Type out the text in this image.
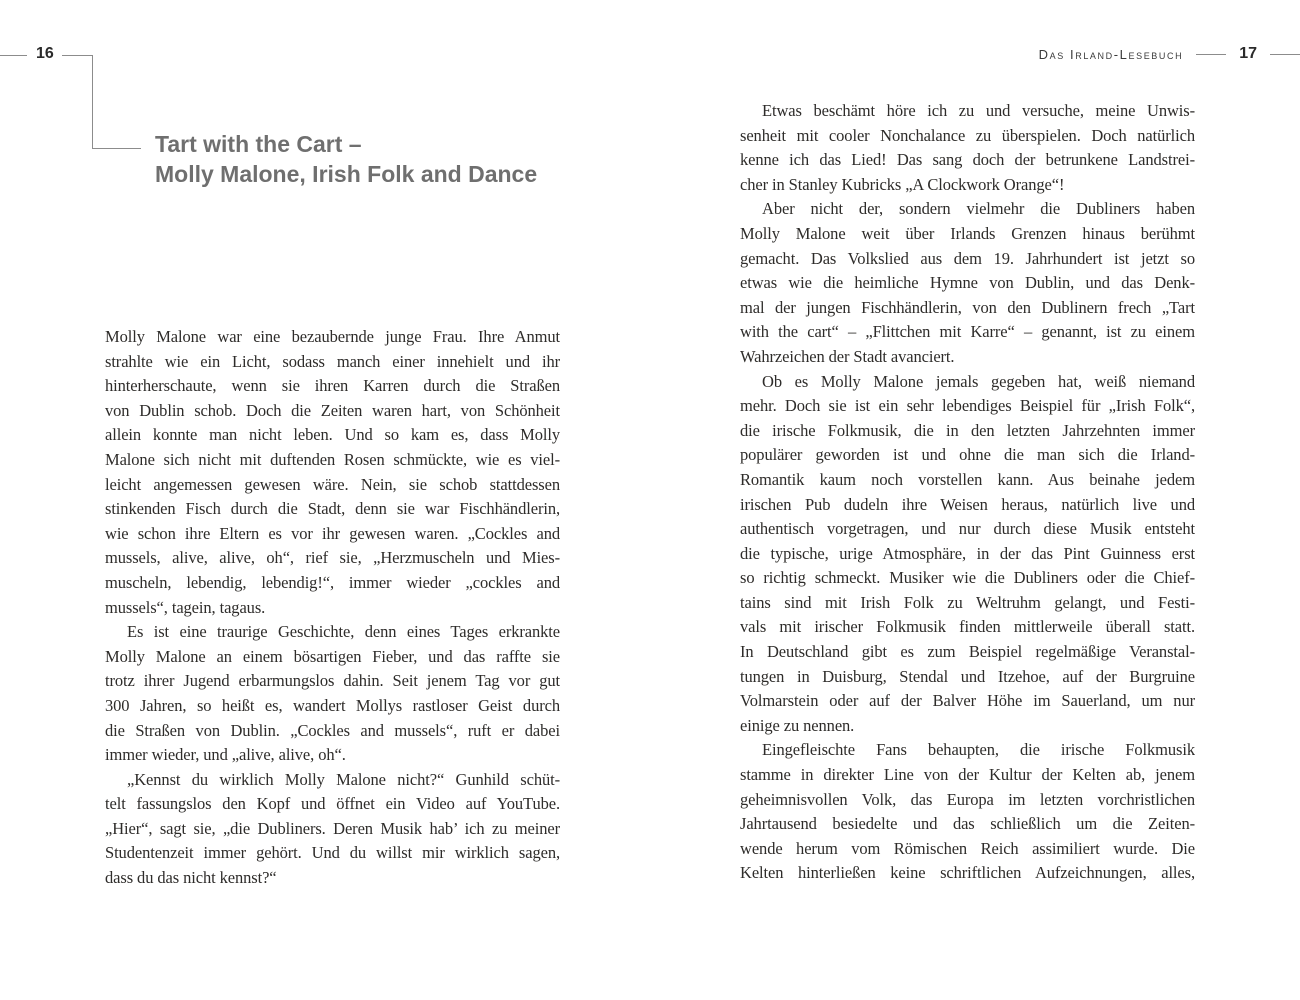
16
Tart with the Cart –
Molly Malone, Irish Folk and Dance
Das Irland-Lesebuch	17
Molly Malone war eine bezaubernde junge Frau. Ihre Anmut
strahlte wie ein Licht, sodass manch einer innehielt und ihr
hinterherschaute, wenn sie ihren Karren durch die Straßen
von Dublin schob. Doch die Zeiten waren hart, von Schönheit
allein konnte man nicht leben. Und so kam es, dass Molly
Malone sich nicht mit duftenden Rosen schmückte, wie es viel-
leicht angemessen gewesen wäre. Nein, sie schob stattdessen
stinkenden Fisch durch die Stadt, denn sie war Fischhändlerin,
wie schon ihre Eltern es vor ihr gewesen waren. „Cockles and
mussels, alive, alive, oh“, rief sie, „Herzmuscheln und Mies-
muscheln, lebendig, lebendig!“, immer wieder „cockles and
mussels“, tagein, tagaus.
Es ist eine traurige Geschichte, denn eines Tages erkrankte
Molly Malone an einem bösartigen Fieber, und das raffte sie
trotz ihrer Jugend erbarmungslos dahin. Seit jenem Tag vor gut
300 Jahren, so heißt es, wandert Mollys rastloser Geist durch
die Straßen von Dublin. „Cockles and mussels“, ruft er dabei
immer wieder, und „alive, alive, oh“.
„Kennst du wirklich Molly Malone nicht?“ Gunhild schüt-
telt fassungslos den Kopf und öffnet ein Video auf YouTube.
„Hier“, sagt sie, „die Dubliners. Deren Musik hab’ ich zu meiner
Studentenzeit immer gehört. Und du willst mir wirklich sagen,
dass du das nicht kennst?“
Etwas beschämt höre ich zu und versuche, meine Unwis-
senheit mit cooler Nonchalance zu überspielen. Doch natürlich
kenne ich das Lied! Das sang doch der betrunkene Landstrei-
cher in Stanley Kubricks „A Clockwork Orange“!
Aber nicht der, sondern vielmehr die Dubliners haben
Molly Malone weit über Irlands Grenzen hinaus berühmt
gemacht. Das Volkslied aus dem 19. Jahrhundert ist jetzt so
etwas wie die heimliche Hymne von Dublin, und das Denk-
mal der jungen Fischhändlerin, von den Dublinern frech „Tart
with the cart“ – „Flittchen mit Karre“ – genannt, ist zu einem
Wahrzeichen der Stadt avanciert.
Ob es Molly Malone jemals gegeben hat, weiß niemand
mehr. Doch sie ist ein sehr lebendiges Beispiel für „Irish Folk“,
die irische Folkmusik, die in den letzten Jahrzehnten immer
populärer geworden ist und ohne die man sich die Irland-
Romantik kaum noch vorstellen kann. Aus beinahe jedem
irischen Pub dudeln ihre Weisen heraus, natürlich live und
authentisch vorgetragen, und nur durch diese Musik entsteht
die typische, urige Atmosphäre, in der das Pint Guinness erst
so richtig schmeckt. Musiker wie die Dubliners oder die Chief-
tains sind mit Irish Folk zu Weltruhm gelangt, und Festi-
vals mit irischer Folkmusik finden mittlerweile überall statt.
In Deutschland gibt es zum Beispiel regelmäßige Veranstal-
tungen in Duisburg, Stendal und Itzehoe, auf der Burgruine
Volmarstein oder auf der Balver Höhe im Sauerland, um nur
einige zu nennen.
Eingefleischte Fans behaupten, die irische Folkmusik
stamme in direkter Line von der Kultur der Kelten ab, jenem
geheimnisvollen Volk, das Europa im letzten vorchristlichen
Jahrtausend besiedelte und das schließlich um die Zeiten-
wende herum vom Römischen Reich assimiliert wurde. Die
Kelten hinterließen keine schriftlichen Aufzeichnungen, alles,
